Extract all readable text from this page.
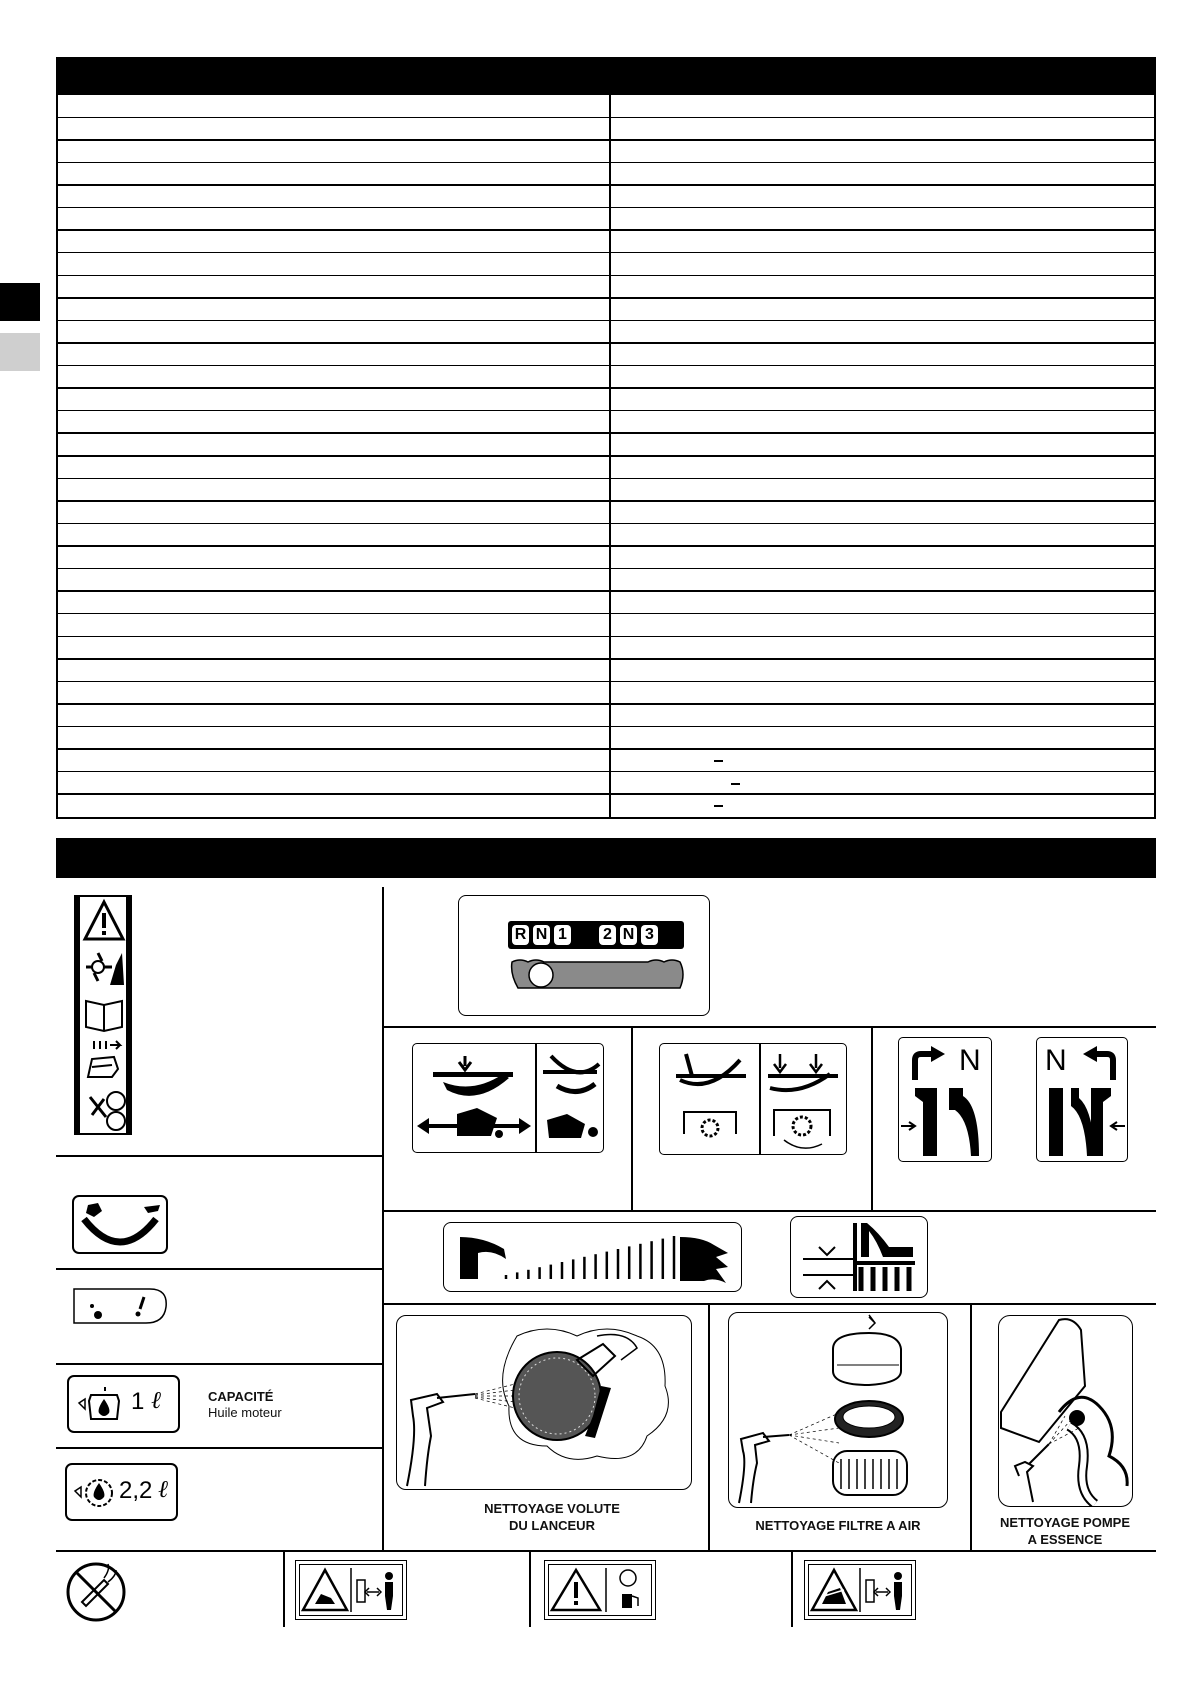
1 ℓ	CAPACITÉ
Huile moteur
2,2 ℓ
R N 1 2 N 3
N N
NETTOYAGE VOLUTE
DU LANCEUR	NETTOYAGE FILTRE A AIR	NETTOYAGE POMPE
A ESSENCE
